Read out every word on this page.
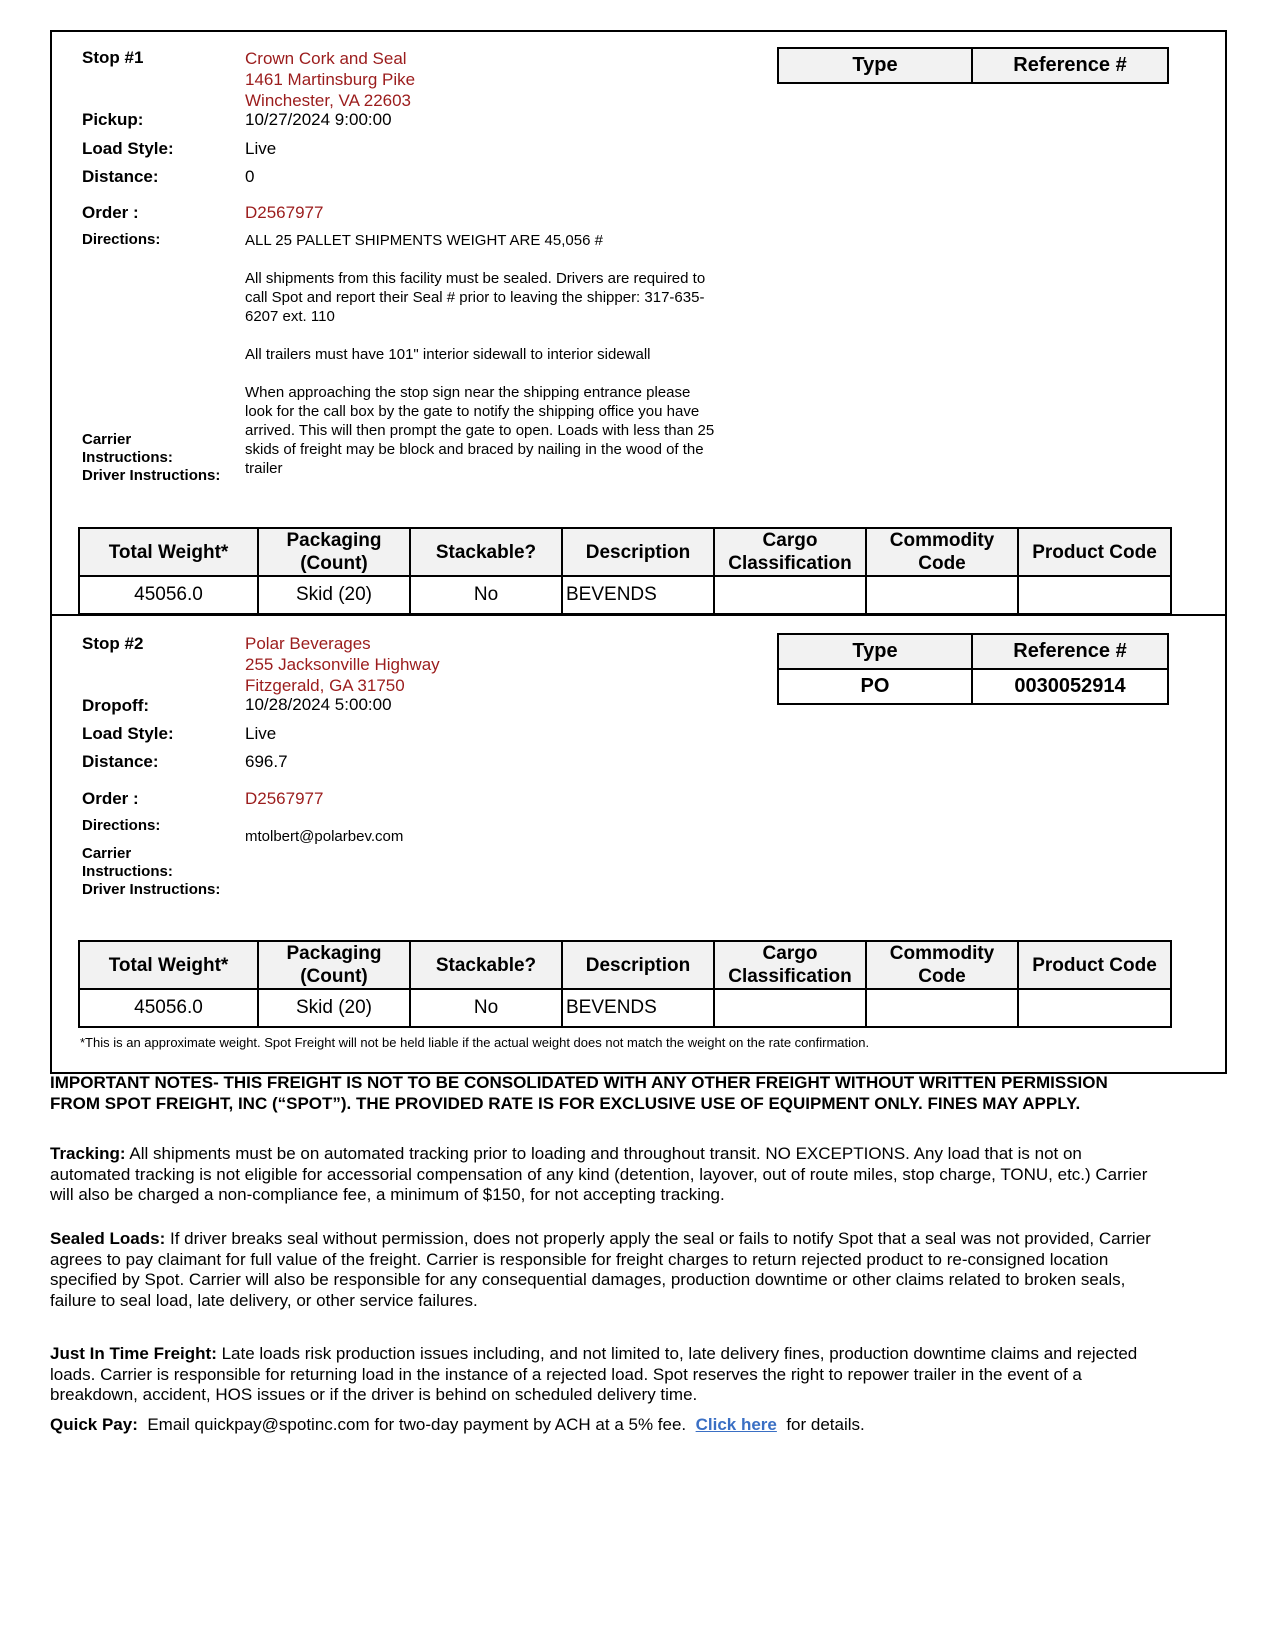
Stop #1	Crown Cork and Seal
1461 Martinsburg Pike
Winchester, VA 22603
Type	Reference #
Pickup:	10/27/2024 9:00:00
Load Style:	Live
Distance:	0
Order :	D2567977
Directions:
Carrier
Instructions:
Driver Instructions:
ALL 25 PALLET SHIPMENTS WEIGHT ARE 45,056 #

All shipments from this facility must be sealed. Drivers are required to call Spot and report their Seal # prior to leaving the shipper: 317-635-6207 ext. 110

All trailers must have 101" interior sidewall to interior sidewall

When approaching the stop sign near the shipping entrance please look for the call box by the gate to notify the shipping office you have arrived. This will then prompt the gate to open. Loads with less than 25 skids of freight may be block and braced by nailing in the wood of the trailer
Total Weight*	Packaging (Count)	Stackable?	Description	Cargo Classification	Commodity Code	Product Code
45056.0	Skid (20)	No	BEVENDS			
Stop #2	Polar Beverages
255 Jacksonville Highway
Fitzgerald, GA 31750
Type	Reference #
PO	0030052914
Dropoff:	10/28/2024 5:00:00
Load Style:	Live
Distance:	696.7
Order :	D2567977
Directions:
Carrier
Instructions:
Driver Instructions:
mtolbert@polarbev.com
Total Weight*	Packaging (Count)	Stackable?	Description	Cargo Classification	Commodity Code	Product Code
45056.0	Skid (20)	No	BEVENDS			
*This is an approximate weight. Spot Freight will not be held liable if the actual weight does not match the weight on the rate confirmation.
IMPORTANT NOTES- THIS FREIGHT IS NOT TO BE CONSOLIDATED WITH ANY OTHER FREIGHT WITHOUT WRITTEN PERMISSION FROM SPOT FREIGHT, INC (“SPOT”). THE PROVIDED RATE IS FOR EXCLUSIVE USE OF EQUIPMENT ONLY. FINES MAY APPLY.
Tracking: All shipments must be on automated tracking prior to loading and throughout transit. NO EXCEPTIONS. Any load that is not on automated tracking is not eligible for accessorial compensation of any kind (detention, layover, out of route miles, stop charge, TONU, etc.) Carrier will also be charged a non-compliance fee, a minimum of $150, for not accepting tracking.
Sealed Loads: If driver breaks seal without permission, does not properly apply the seal or fails to notify Spot that a seal was not provided, Carrier agrees to pay claimant for full value of the freight. Carrier is responsible for freight charges to return rejected product to re-consigned location specified by Spot. Carrier will also be responsible for any consequential damages, production downtime or other claims related to broken seals, failure to seal load, late delivery, or other service failures.
Just In Time Freight: Late loads risk production issues including, and not limited to, late delivery fines, production downtime claims and rejected loads. Carrier is responsible for returning load in the instance of a rejected load. Spot reserves the right to repower trailer in the event of a breakdown, accident, HOS issues or if the driver is behind on scheduled delivery time.
Quick Pay:  Email quickpay@spotinc.com for two-day payment by ACH at a 5% fee.  Click here  for details.
